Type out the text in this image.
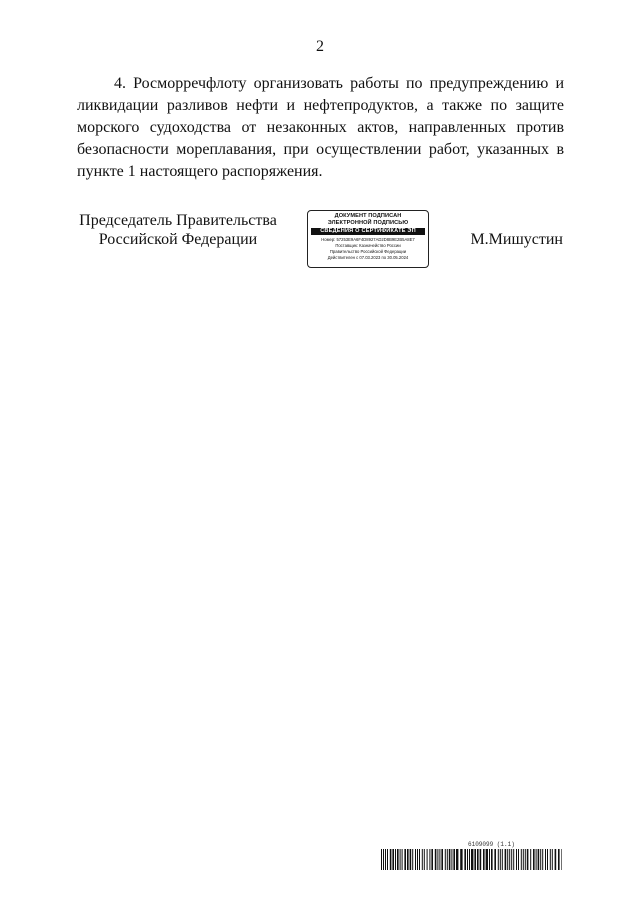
2

4. Росморречфлоту организовать работы по предупреждению и ликвидации разливов нефти и нефтепродуктов, а также по защите морского судоходства от незаконных актов, направленных против безопасности мореплавания, при осуществлении работ, указанных в пункте 1 настоящего распоряжения.

Председатель Правительства
Российской Федерации
ДОКУМЕНТ ПОДПИСАН
ЭЛЕКТРОННОЙ ПОДПИСЬЮ
СВЕДЕНИЯ О СЕРТИФИКАТЕ ЭП
Номер: 57253E9A6F4D8927AD2D8B9E2B5A8E7
Поставщик: Казначейство России
Правительство Российской Федерации
Действителен с 07.03.2023 по 30.05.2024
М.Мишустин
6109099 (1.1)
